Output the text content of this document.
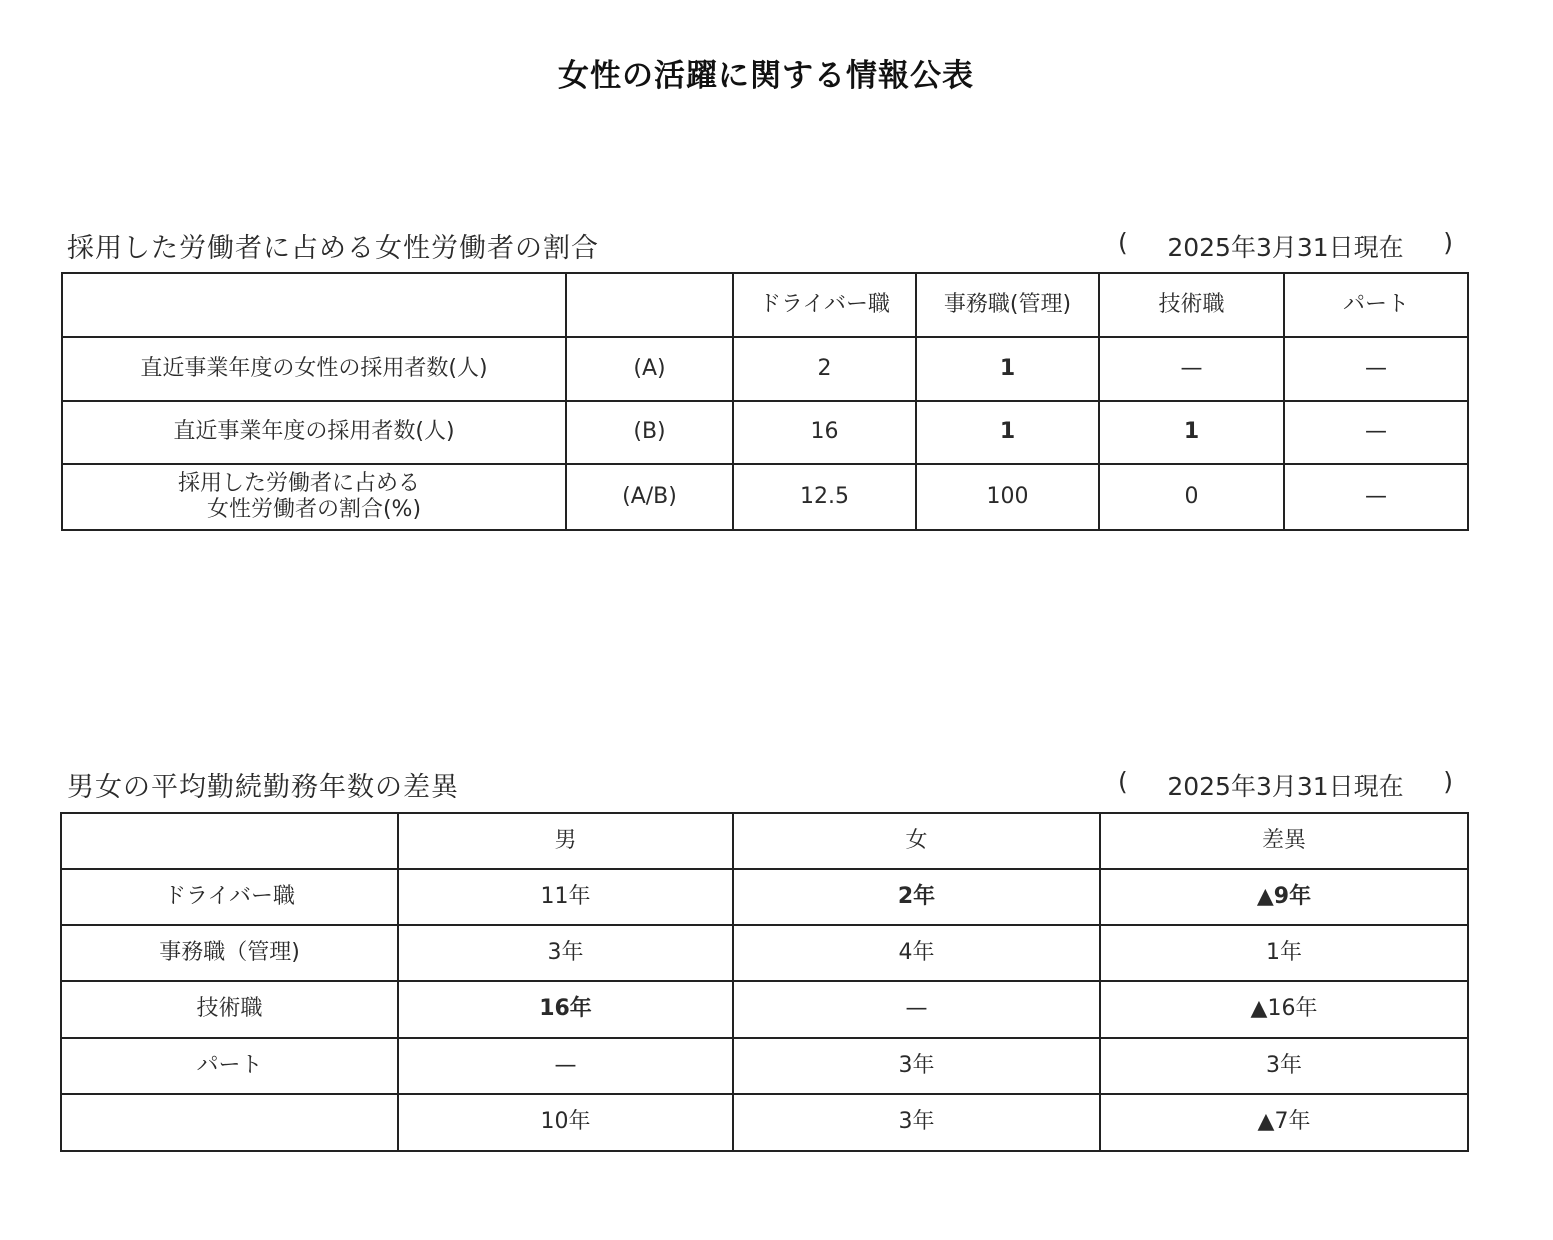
女性の活躍に関する情報公表
採用した労働者に占める女性労働者の割合	( 2025年3月31日現在 )
		ドライバー職	事務職(管理)	技術職	パート
直近事業年度の女性の採用者数(人)	(A)	2	1	—	—
直近事業年度の採用者数(人)	(B)	16	1	1	—

採用した労働者に占める
女性労働者の割合(%)	(A/B)	12.5	100	0	—
男女の平均勤続勤務年数の差異	( 2025年3月31日現在 )
	男	女	差異
ドライバー職	11年	2年	▲9年
事務職（管理)	3年	4年	1年
技術職	16年	—	▲16年
パート	—	3年	3年
	10年	3年	▲7年
